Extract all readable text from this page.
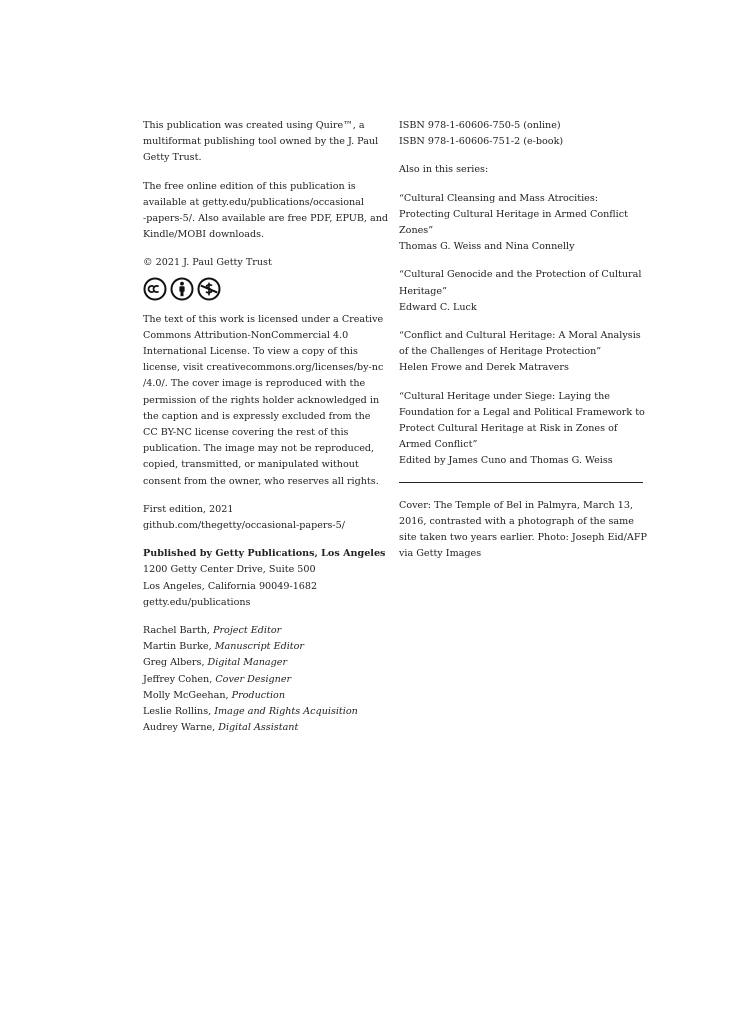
This publication was created using Quire™, a
multiformat publishing tool owned by the J. Paul
Getty Trust.

The free online edition of this publication is
available at getty.edu/publications/occasional
-papers-5/. Also available are free PDF, EPUB, and
Kindle/MOBI downloads.

© 2021 J. Paul Getty Trust

The text of this work is licensed under a Creative
Commons Attribution-NonCommercial 4.0
International License. To view a copy of this
license, visit creativecommons.org/licenses/by-nc
/4.0/. The cover image is reproduced with the
permission of the rights holder acknowledged in
the caption and is expressly excluded from the
CC BY-NC license covering the rest of this
publication. The image may not be reproduced,
copied, transmitted, or manipulated without
consent from the owner, who reserves all rights.

First edition, 2021
github.com/thegetty/occasional-papers-5/

Published by Getty Publications, Los Angeles
1200 Getty Center Drive, Suite 500
Los Angeles, California 90049-1682
getty.edu/publications

Rachel Barth, Project Editor
Martin Burke, Manuscript Editor
Greg Albers, Digital Manager
Jeffrey Cohen, Cover Designer
Molly McGeehan, Production
Leslie Rollins, Image and Rights Acquisition
Audrey Warne, Digital Assistant

ISBN 978-1-60606-750-5 (online)
ISBN 978-1-60606-751-2 (e-book)

Also in this series:

“Cultural Cleansing and Mass Atrocities:
Protecting Cultural Heritage in Armed Conflict
Zones”
Thomas G. Weiss and Nina Connelly

“Cultural Genocide and the Protection of Cultural
Heritage”
Edward C. Luck

“Conflict and Cultural Heritage: A Moral Analysis
of the Challenges of Heritage Protection”
Helen Frowe and Derek Matravers

“Cultural Heritage under Siege: Laying the
Foundation for a Legal and Political Framework to
Protect Cultural Heritage at Risk in Zones of
Armed Conflict”
Edited by James Cuno and Thomas G. Weiss

Cover: The Temple of Bel in Palmyra, March 13,
2016, contrasted with a photograph of the same
site taken two years earlier. Photo: Joseph Eid/AFP
via Getty Images
